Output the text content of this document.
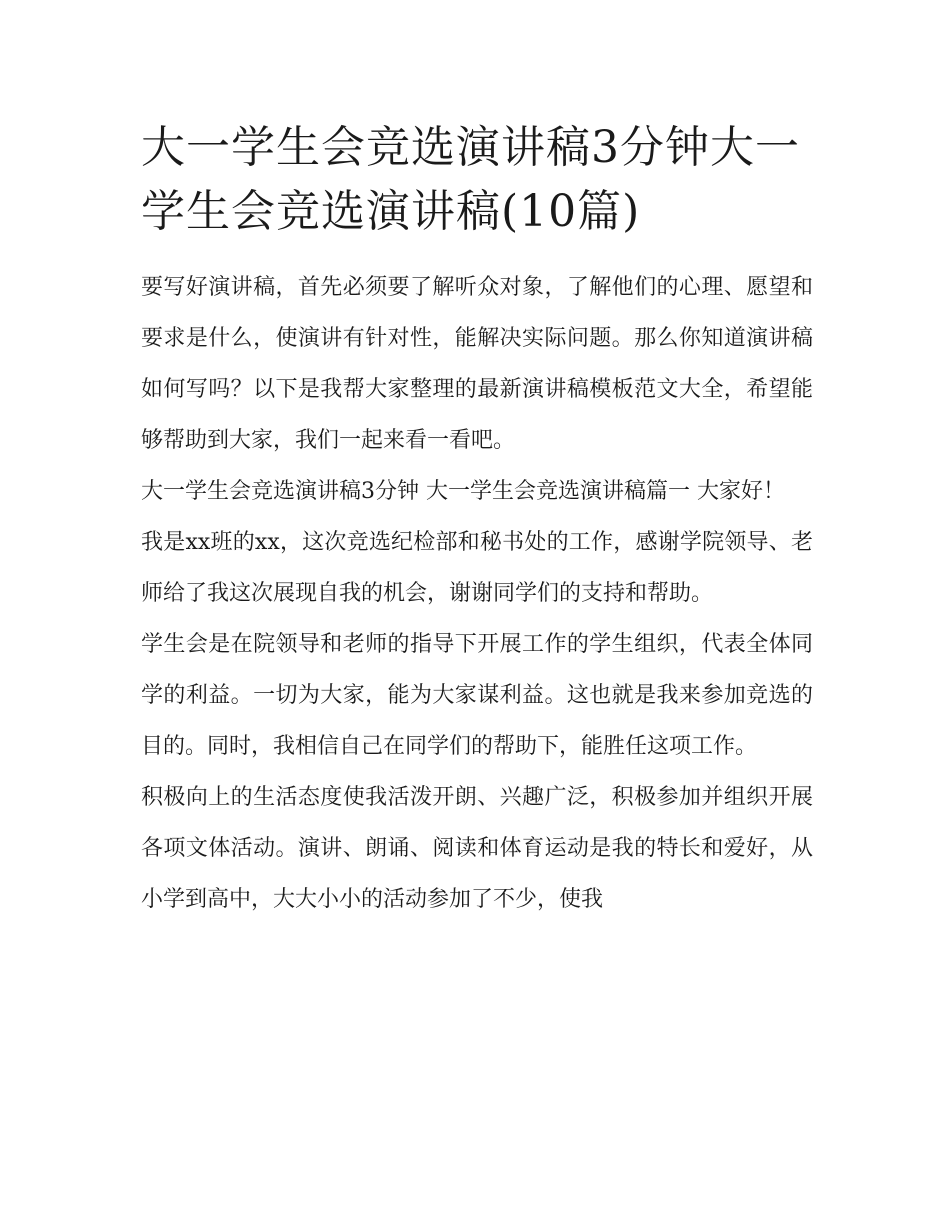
大一学生会竞选演讲稿3分钟大一学生会竞选演讲稿(10篇)

要写好演讲稿，首先必须要了解听众对象，了解他们的心理、愿望和要求是什么，使演讲有针对性，能解决实际问题。那么你知道演讲稿如何写吗？以下是我帮大家整理的最新演讲稿模板范文大全，希望能够帮助到大家，我们一起来看一看吧。

大一学生会竞选演讲稿3分钟 大一学生会竞选演讲稿篇一 大家好！

我是xx班的xx，这次竞选纪检部和秘书处的工作，感谢学院领导、老师给了我这次展现自我的机会，谢谢同学们的支持和帮助。

学生会是在院领导和老师的指导下开展工作的学生组织，代表全体同学的利益。一切为大家，能为大家谋利益。这也就是我来参加竞选的目的。同时，我相信自己在同学们的帮助下，能胜任这项工作。

积极向上的生活态度使我活泼开朗、兴趣广泛，积极参加并组织开展各项文体活动。演讲、朗诵、阅读和体育运动是我的特长和爱好，从小学到高中，大大小小的活动参加了不少，使我
